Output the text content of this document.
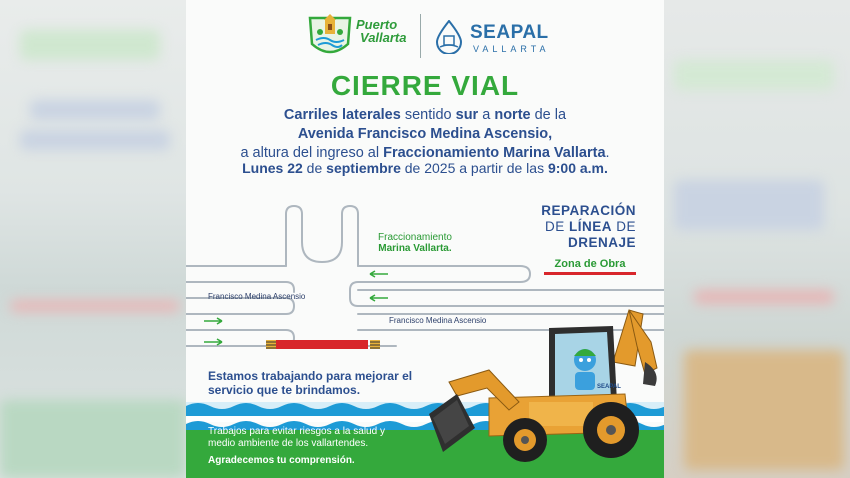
Puerto
Vallarta	SEAPAL
VALLARTA
CIERRE VIAL
Carriles laterales sentido sur a norte de la
Avenida Francisco Medina Ascensio,
a altura del ingreso al Fraccionamiento Marina Vallarta.
Lunes 22 de septiembre de 2025 a partir de las 9:00 a.m.
Fraccionamiento
Marina Vallarta.
Francisco Medina Ascensio
Francisco Medina Ascensio
REPARACIÓN
DE LÍNEA DE
DRENAJE
Zona de Obra
Estamos trabajando para mejorar el
servicio que te brindamos.
Trabajos para evitar riesgos a la salud y
medio ambiente de los vallartendes.
Agradecemos tu comprensión.
SEAPAL
